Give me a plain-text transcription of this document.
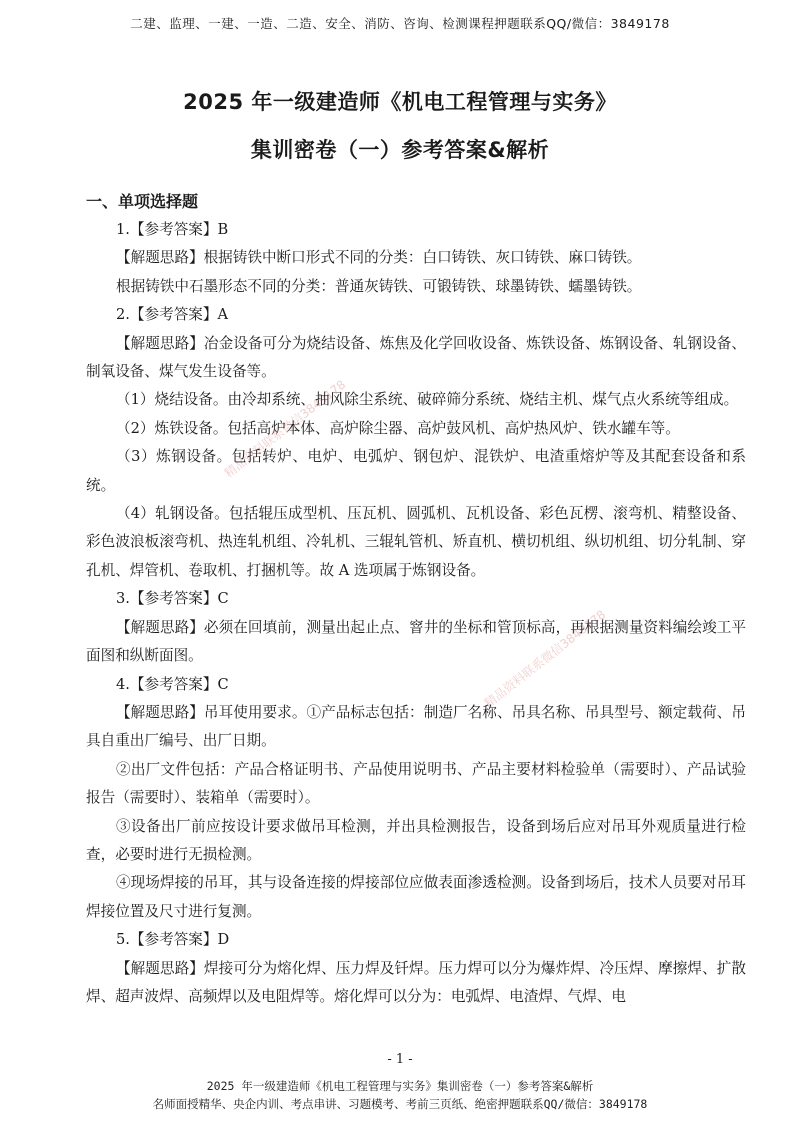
二建、监理、一建、一造、二造、安全、消防、咨询、检测课程押题联系QQ/微信：3849178
2025 年一级建造师《机电工程管理与实务》
集训密卷（一）参考答案&解析
一、单项选择题

1.【参考答案】B

【解题思路】根据铸铁中断口形式不同的分类：白口铸铁、灰口铸铁、麻口铸铁。

根据铸铁中石墨形态不同的分类：普通灰铸铁、可锻铸铁、球墨铸铁、蠕墨铸铁。

2.【参考答案】A

【解题思路】冶金设备可分为烧结设备、炼焦及化学回收设备、炼铁设备、炼钢设备、轧钢设备、制氧设备、煤气发生设备等。

（1）烧结设备。由冷却系统、抽风除尘系统、破碎筛分系统、烧结主机、煤气点火系统等组成。

（2）炼铁设备。包括高炉本体、高炉除尘器、高炉鼓风机、高炉热风炉、铁水罐车等。

（3）炼钢设备。包括转炉、电炉、电弧炉、钢包炉、混铁炉、电渣重熔炉等及其配套设备和系统。

（4）轧钢设备。包括辊压成型机、压瓦机、圆弧机、瓦机设备、彩色瓦楞、滚弯机、精整设备、彩色波浪板滚弯机、热连轧机组、冷轧机、三辊轧管机、矫直机、横切机组、纵切机组、切分轧制、穿孔机、焊管机、卷取机、打捆机等。故 A 选项属于炼钢设备。

3.【参考答案】C

【解题思路】必须在回填前，测量出起止点、窨井的坐标和管顶标高，再根据测量资料编绘竣工平面图和纵断面图。

4.【参考答案】C

【解题思路】吊耳使用要求。①产品标志包括：制造厂名称、吊具名称、吊具型号、额定载荷、吊具自重出厂编号、出厂日期。

②出厂文件包括：产品合格证明书、产品使用说明书、产品主要材料检验单（需要时）、产品试验报告（需要时）、装箱单（需要时）。

③设备出厂前应按设计要求做吊耳检测，并出具检测报告，设备到场后应对吊耳外观质量进行检查，必要时进行无损检测。

④现场焊接的吊耳，其与设备连接的焊接部位应做表面渗透检测。设备到场后，技术人员要对吊耳焊接位置及尺寸进行复测。

5.【参考答案】D

【解题思路】焊接可分为熔化焊、压力焊及钎焊。压力焊可以分为爆炸焊、冷压焊、摩擦焊、扩散焊、超声波焊、高频焊以及电阻焊等。熔化焊可以分为：电弧焊、电渣焊、气焊、电

精品资料联系微信3849178
精品资料联系微信3849178
- 1 -
2025 年一级建造师《机电工程管理与实务》集训密卷（一）参考答案&解析
名师面授精华、央企内训、考点串讲、习题模考、考前三页纸、绝密押题联系QQ/微信：3849178
